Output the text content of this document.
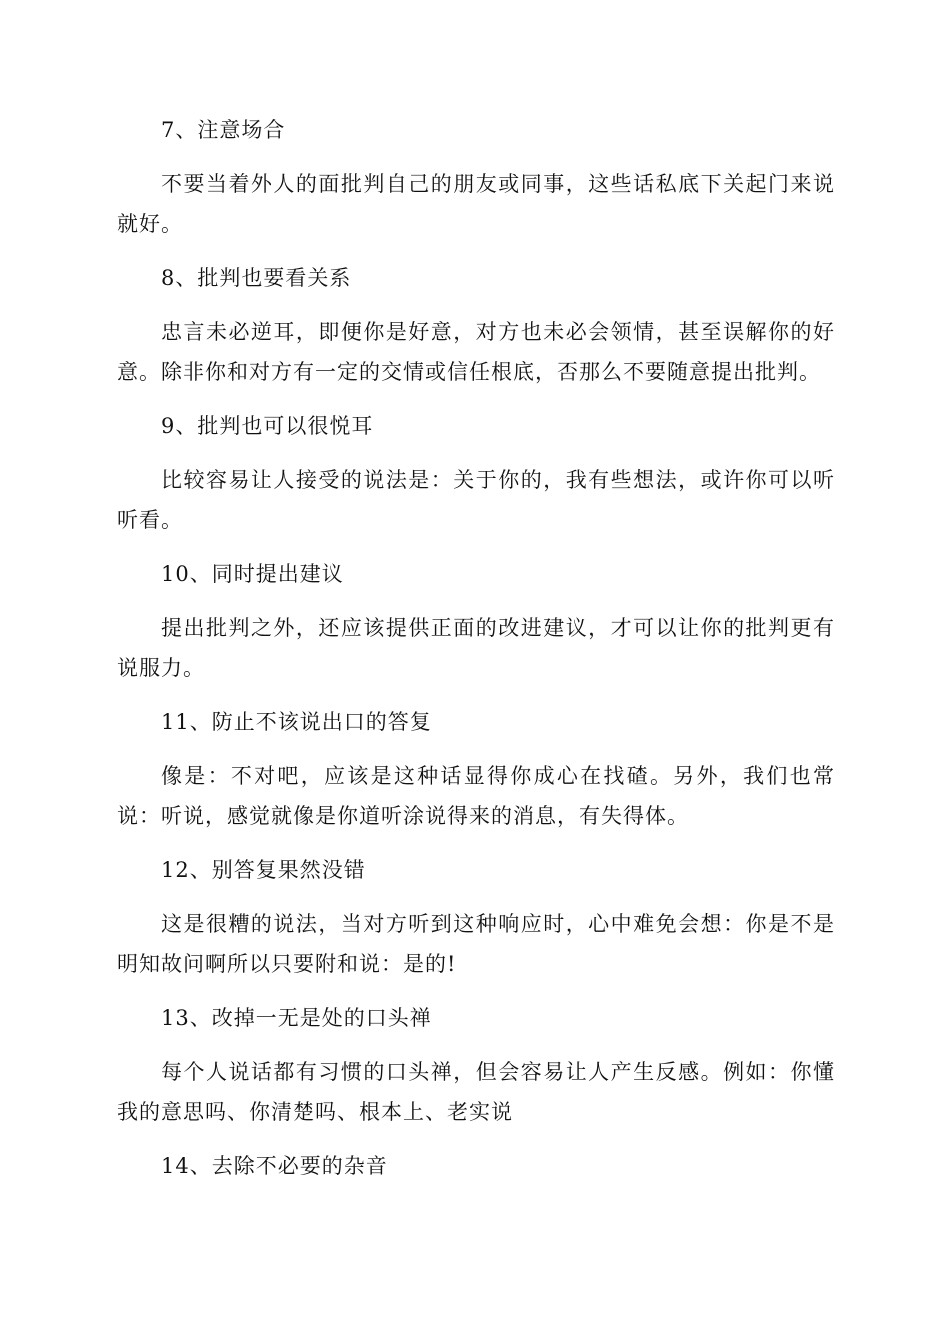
7、注意场合

不要当着外人的面批判自己的朋友或同事，这些话私底下关起门来说就好。

8、批判也要看关系

忠言未必逆耳，即便你是好意，对方也未必会领情，甚至误解你的好意。除非你和对方有一定的交情或信任根底，否那么不要随意提出批判。

9、批判也可以很悦耳

比较容易让人接受的说法是：关于你的，我有些想法，或许你可以听听看。

10、同时提出建议

提出批判之外，还应该提供正面的改进建议，才可以让你的批判更有说服力。

11、防止不该说出口的答复

像是：不对吧，应该是这种话显得你成心在找碴。另外，我们也常说：听说，感觉就像是你道听涂说得来的消息，有失得体。

12、别答复果然没错

这是很糟的说法，当对方听到这种响应时，心中难免会想：你是不是明知故问啊所以只要附和说：是的!

13、改掉一无是处的口头禅

每个人说话都有习惯的口头禅，但会容易让人产生反感。例如：你懂我的意思吗、你清楚吗、根本上、老实说

14、去除不必要的杂音
